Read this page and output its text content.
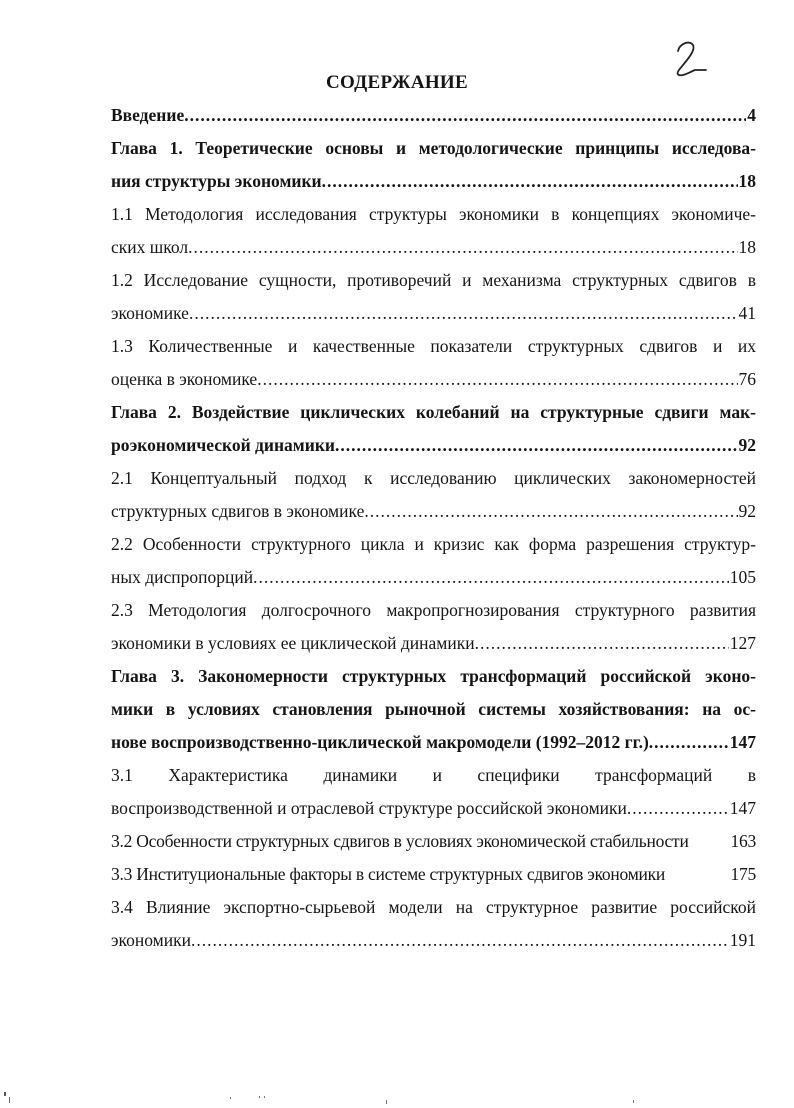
СОДЕРЖАНИЕ
Введение .....	4
Глава 1. Теоретические основы и методологические принципы исследова-
ния структуры экономики .....	18
1.1 Методология исследования структуры экономики в концепциях экономиче-
ских школ .....	18
1.2 Исследование сущности, противоречий и механизма структурных сдвигов в
экономике .....	41
1.3 Количественные и качественные показатели структурных сдвигов и их
оценка в экономике .....	76
Глава 2. Воздействие циклических колебаний на структурные сдвиги мак-
роэкономической динамики .....	92
2.1 Концептуальный подход к исследованию циклических закономерностей
структурных сдвигов в экономике .....	92
2.2 Особенности структурного цикла и кризис как форма разрешения структур-
ных диспропорций .....	105
2.3 Методология долгосрочного макропрогнозирования структурного развития
экономики в условиях ее циклической динамики .....	127
Глава 3. Закономерности структурных трансформаций российской эконо-
мики в условиях становления рыночной системы хозяйствования: на ос-
нове воспроизводственно-циклической макромодели (1992–2012 гг.) .....	147
3.1 Характеристика динамики и специфики трансформаций в
воспроизводственной и отраслевой структуре российской экономики .....	147
3.2 Особенности структурных сдвигов в условиях экономической стабильности	163
3.3 Институциональные факторы в системе структурных сдвигов экономики	175
3.4 Влияние экспортно-сырьевой модели на структурное развитие российской
экономики .....	191
